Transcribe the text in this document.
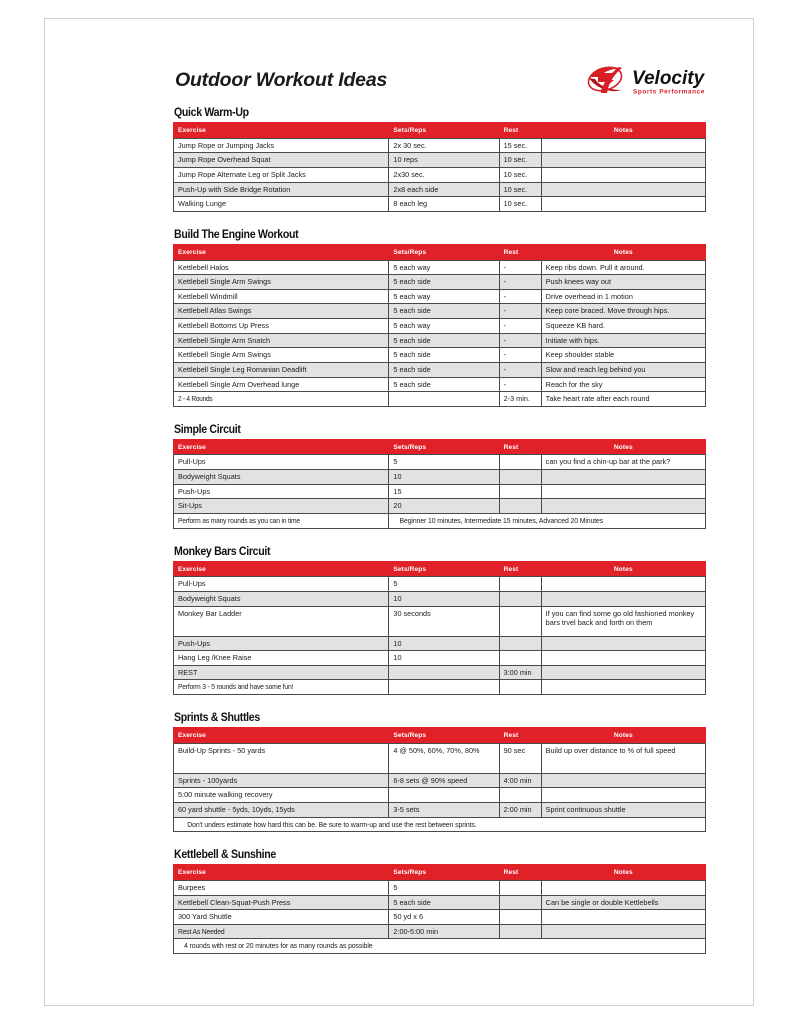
Outdoor Workout Ideas	Velocity
Sports Performance
Quick Warm-Up
Exercise	Sets/Reps	Rest	Notes
Jump Rope or Jumping Jacks	2x 30 sec.	15 sec.	
Jump Rope Overhead Squat	10 reps	10 sec.	
Jump Rope Alternate Leg or Split Jacks	2x30 sec.	10 sec.	
Push-Up with Side Bridge Rotation	2x8 each side	10 sec.	
Walking Lunge	8 each leg	10 sec.	
Build The Engine Workout
Exercise	Sets/Reps	Rest	Notes
Kettlebell Halos	5 each way	-	Keep ribs down. Pull it around.
Kettlebell Single Arm Swings	5 each side	-	Push knees way out
Kettlebell Windmill	5 each way	-	Drive overhead in 1 motion
Kettlebell Atlas Swings	5 each side	-	Keep core braced. Move through hips.
Kettlebell Bottoms Up Press	5 each way	-	Squeeze KB hard.
Kettlebell Single Arm Snatch	5 each side	-	Initiate with hips.
Kettlebell Single Arm Swings	5 each side	-	Keep shoulder stable
Kettlebell Single Leg Romanian Deadlift	5 each side	-	Slow and reach leg behind you
Kettlebell Single Arm Overhead lunge	5 each side	-	Reach for the sky
2 - 4 Rounds		2-3 min.	Take heart rate after each round
Simple Circuit
Exercise	Sets/Reps	Rest	Notes
Pull-Ups	5		can you find a chin-up bar at the park?
Bodyweight Squats	10		
Push-Ups	15		
Sit-Ups	20		
Perform as many rounds as you can in time	Beginner 10 minutes, Intermediate 15 minutes, Advanced 20 Minutes		
Monkey Bars Circuit
Exercise	Sets/Reps	Rest	Notes
Pull-Ups	5		
Bodyweight Squats	10		
Monkey Bar Ladder	30 seconds		If you can find some go old fashioned monkey bars trvel back and forth on them
Push-Ups	10		
Hang Leg /Knee Raise	10		
REST		3:00 min	
Perform 3 - 5 rounds and have some fun!			
Sprints & Shuttles
Exercise	Sets/Reps	Rest	Notes
Build-Up Sprints - 50 yards	4 @ 50%, 60%, 70%, 80%	90 sec	Build up over distance to % of full speed
Sprints - 100yards	6-8 sets @ 90% speed	4:00 min	
5:00 minute walking recovery			
60 yard shuttle - 5yds, 10yds, 15yds	3-5 sets	2:00 min	Sprint continuous shuttle
Don't unders estimate how hard this can be. Be sure to warm-up and use the rest between sprints.			
Kettlebell & Sunshine
Exercise	Sets/Reps	Rest	Notes
Burpees	5		
Kettlebell Clean-Squat-Push Press	5 each side		Can be single or double Kettlebells
300 Yard Shuttle	50 yd x 6		
Rest As Needed	2:00-5:00 min		
4 rounds with rest or 20 minutes for as many rounds as possible			
